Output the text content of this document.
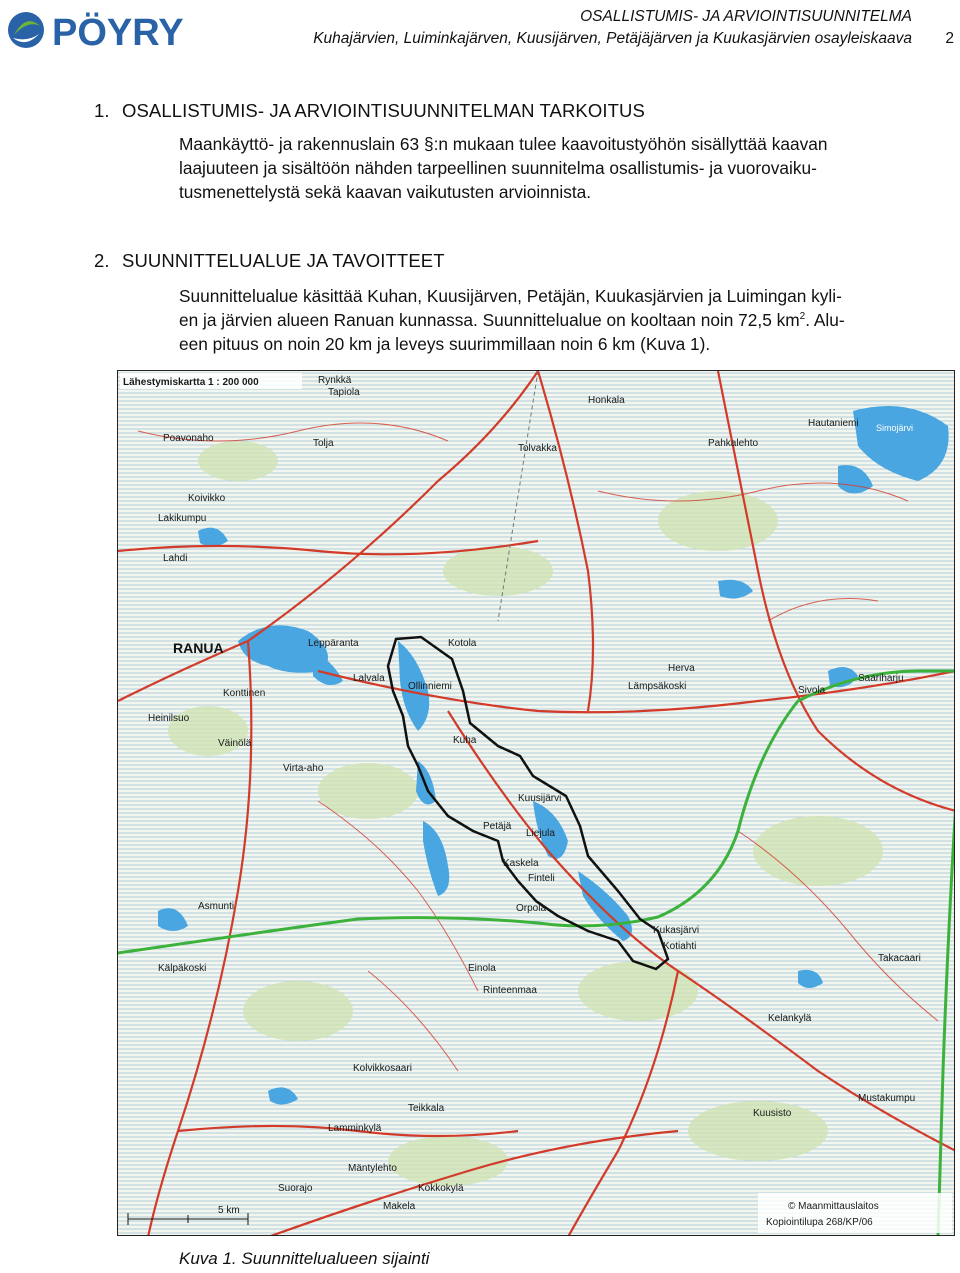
PÖYRY	OSALLISTUMIS- JA ARVIOINTISUUNNITELMA
Kuhajärvien, Luiminkajärven, Kuusijärven, Petäjäjärven ja Kuukasjärvien osayleiskaava 2
1. OSALLISTUMIS- JA ARVIOINTISUUNNITELMAN TARKOITUS
Maankäyttö- ja rakennuslain 63 §:n mukaan tulee kaavoitustyöhön sisällyttää kaavan
laajuuteen ja sisältöön nähden tarpeellinen suunnitelma osallistumis- ja vuorovaiku-
tusmenettelystä sekä kaavan vaikutusten arvioinnista.
2. SUUNNITTELUALUE JA TAVOITTEET
Suunnittelualue käsittää Kuhan, Kuusijärven, Petäjän, Kuukasjärvien ja Luimingan kyli-
en ja järvien alueen Ranuan kunnassa. Suunnittelualue on kooltaan noin 72,5 $km^2$. Alu-
een pituus on noin 20 km ja leveys suurimmillaan noin 6 km (Kuva 1).
5 km
Lähestymiskartta 1 : 200 000
RANUA
Simojärvi
© Maanmittauslaitos
Kopiointilupa 268/KP/06
Rynkkä
Tapiola
Honkala
Poavonaho	Tolja	Tolvakka	Pahkalehto
Koivikko
Lakikumpu
Lahdi
Leppäranta
Lalvala
Ollinniemi
Kotola
Herva
Lämpsäkoski
Kuha
Kuusijärvi
Petäjä
Liejula
Kaskela
Finteli
Orpola
Kukasjärvi
Kotiahti
Konttinen
Heinilsuo
Väinölä
Virta-aho
Asmunti
Kälpäkoski
Rinteenmaa
Einola
Kolvikkosaari
Teikkala
Lamminkylä
Mäntylehto
Kokkokylä
Makela
Kelankylä
Mustakumpu
Sivola
Saariharju
Hautaniemi
Kuusisto
Takacaari
Suorajo
Kuva 1. Suunnittelualueen sijainti
